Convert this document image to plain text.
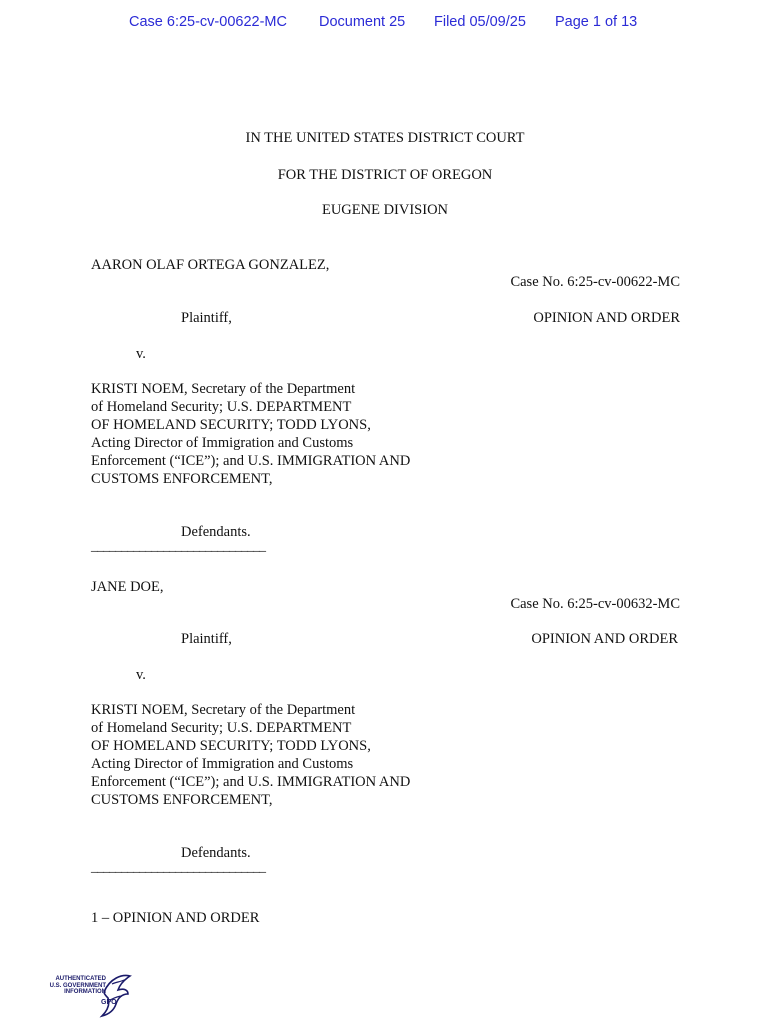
Case 6:25-cv-00622-MC Document 25 Filed 05/09/25 Page 1 of 13
IN THE UNITED STATES DISTRICT COURT
FOR THE DISTRICT OF OREGON
EUGENE DIVISION
AARON OLAF ORTEGA GONZALEZ,
Case No. 6:25-cv-00622-MC
Plaintiff,	OPINION AND ORDER
v.
KRISTI NOEM, Secretary of the Department
of Homeland Security; U.S. DEPARTMENT
OF HOMELAND SECURITY; TODD LYONS,
Acting Director of Immigration and Customs
Enforcement (“ICE”); and U.S. IMMIGRATION AND
CUSTOMS ENFORCEMENT,
Defendants.
_____________________________
JANE DOE,
Case No. 6:25-cv-00632-MC
Plaintiff,	OPINION AND ORDER
v.
KRISTI NOEM, Secretary of the Department
of Homeland Security; U.S. DEPARTMENT
OF HOMELAND SECURITY; TODD LYONS,
Acting Director of Immigration and Customs
Enforcement (“ICE”); and U.S. IMMIGRATION AND
CUSTOMS ENFORCEMENT,
Defendants.
_____________________________
1 – OPINION AND ORDER
AUTHENTICATED
U.S. GOVERNMENT
INFORMATION
GPO
